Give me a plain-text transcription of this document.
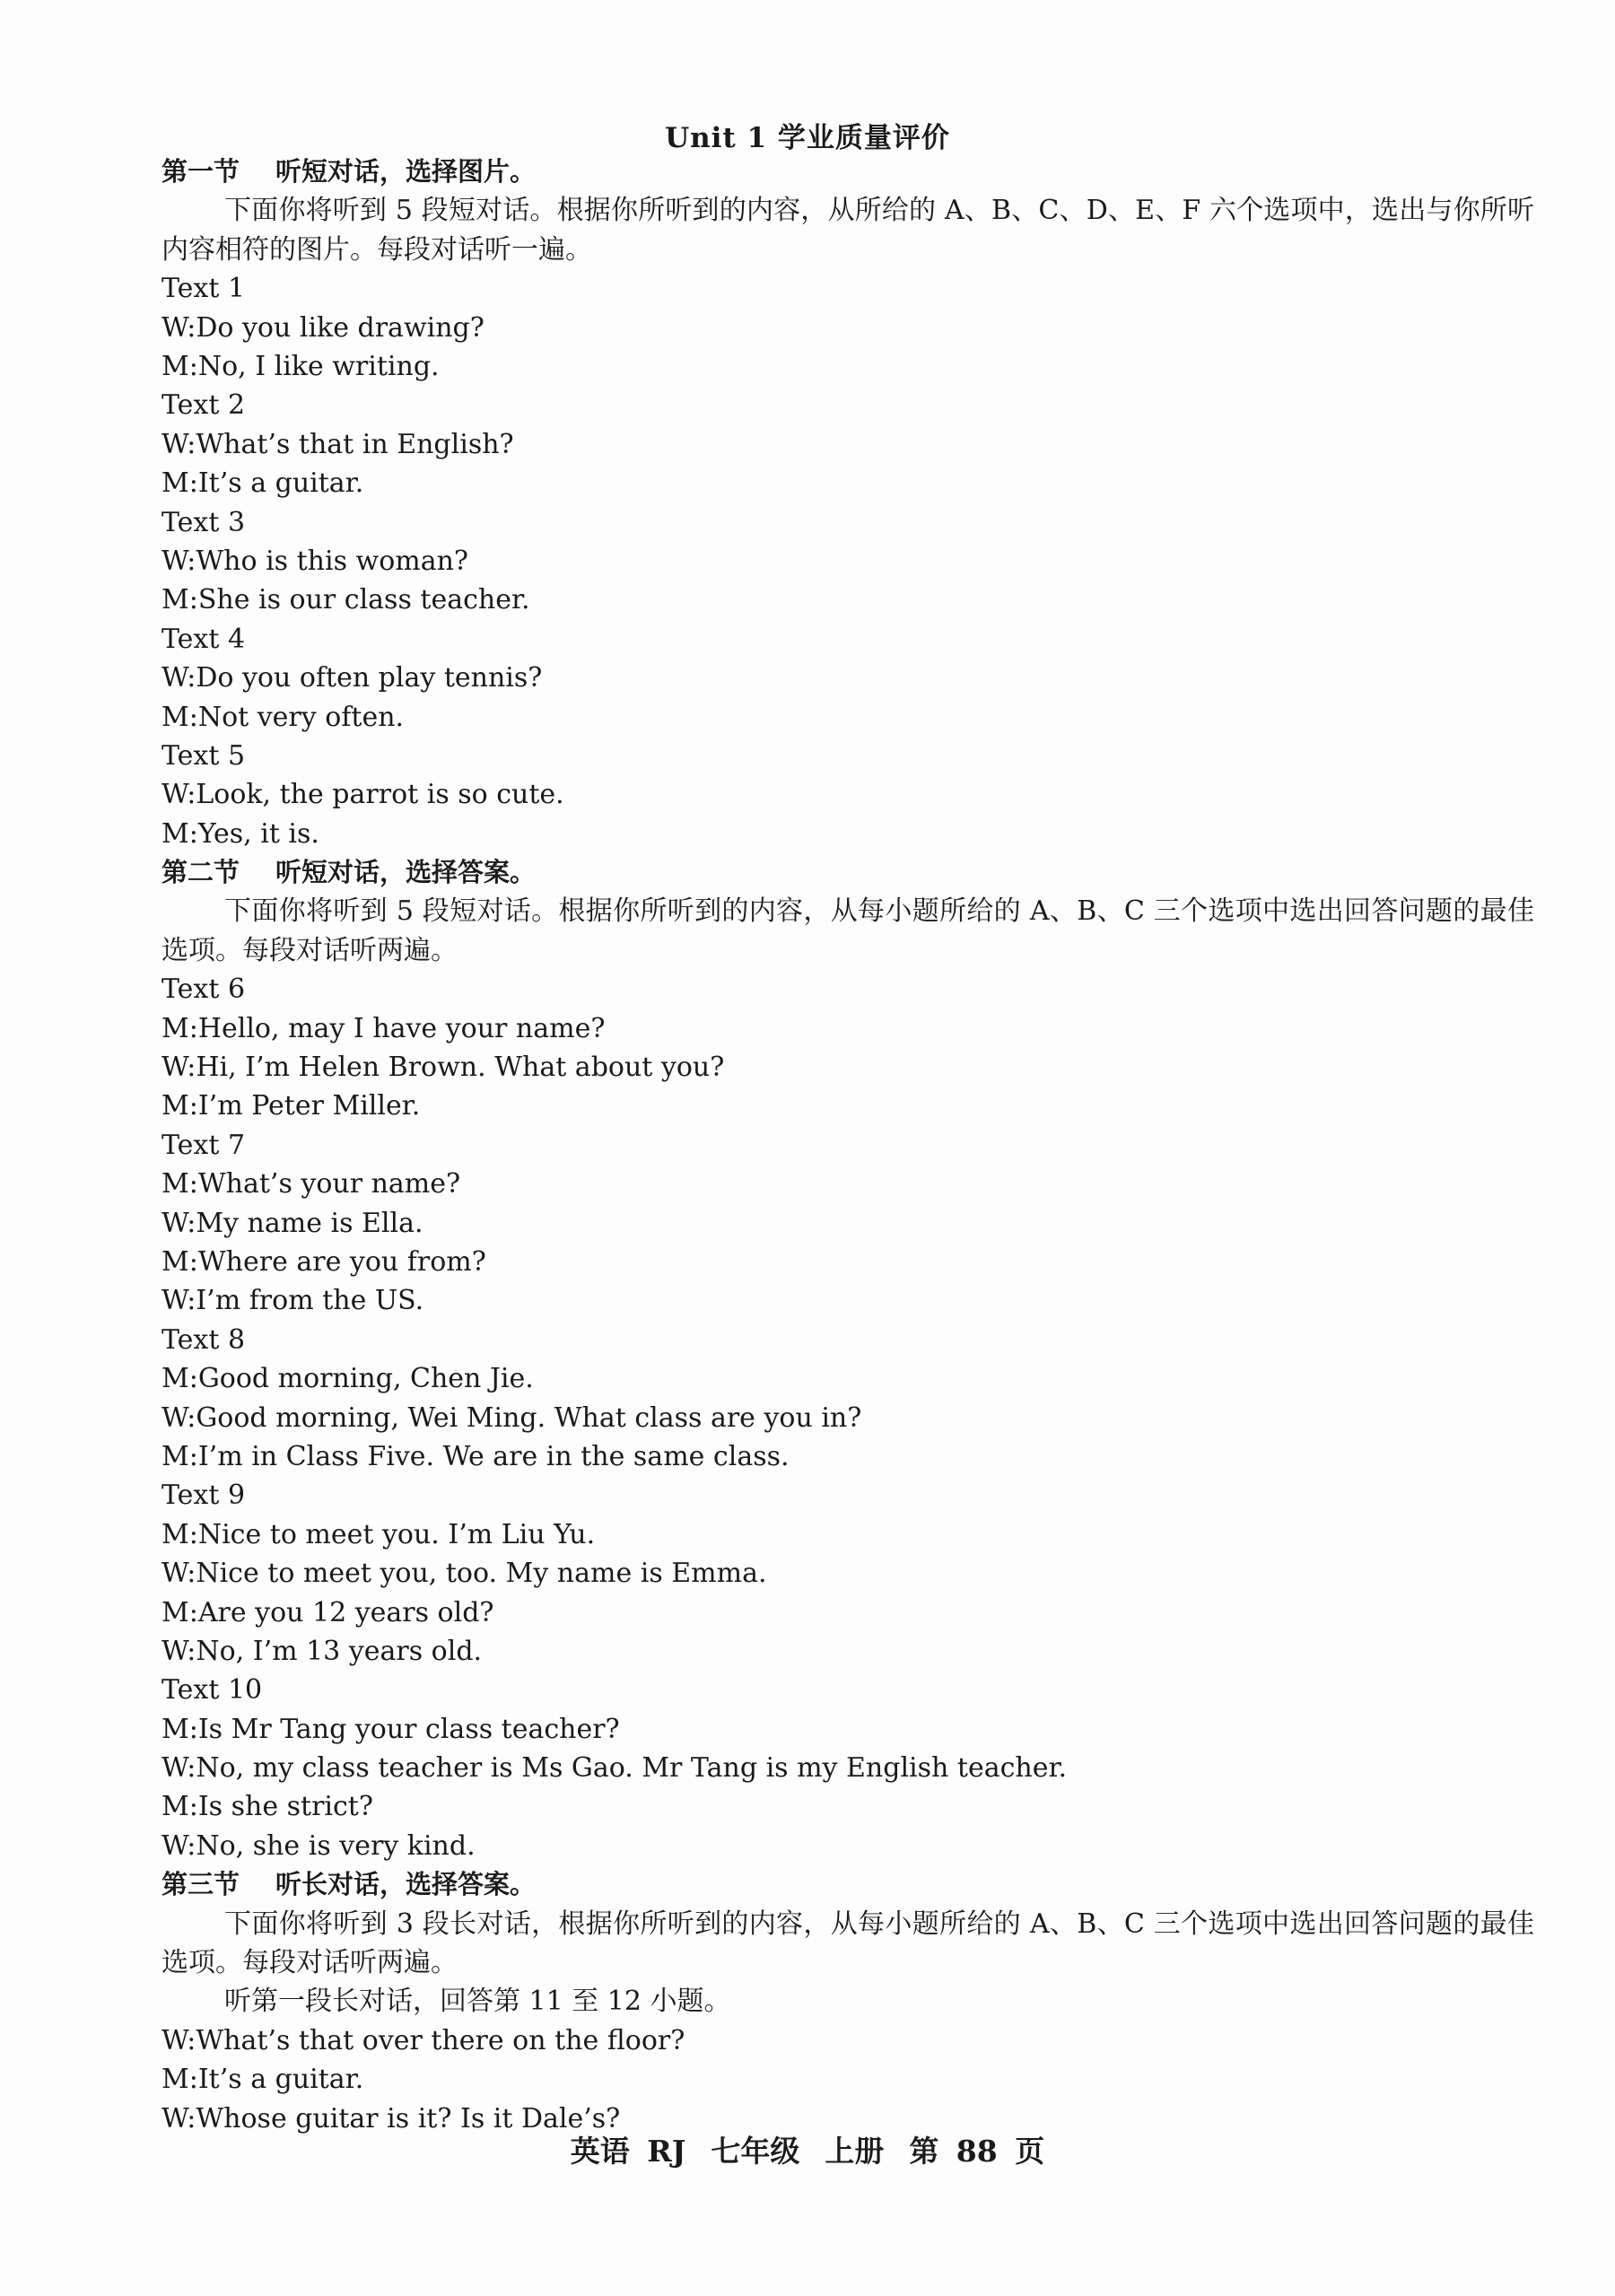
Unit 1 学业质量评价
第一节 听短对话，选择图片。
下面你将听到 5 段短对话。根据你所听到的内容，从所给的 A、B、C、D、E、F 六个选项中，选出与你所听内容相符的图片。每段对话听一遍。
Text 1
W:Do you like drawing?
M:No, I like writing.
Text 2
W:What’s that in English?
M:It’s a guitar.
Text 3
W:Who is this woman?
M:She is our class teacher.
Text 4
W:Do you often play tennis?
M:Not very often.
Text 5
W:Look, the parrot is so cute.
M:Yes, it is.
第二节 听短对话，选择答案。
下面你将听到 5 段短对话。根据你所听到的内容，从每小题所给的 A、B、C 三个选项中选出回答问题的最佳选项。每段对话听两遍。
Text 6
M:Hello, may I have your name?
W:Hi, I’m Helen Brown. What about you?
M:I’m Peter Miller.
Text 7
M:What’s your name?
W:My name is Ella.
M:Where are you from?
W:I’m from the US.
Text 8
M:Good morning, Chen Jie.
W:Good morning, Wei Ming. What class are you in?
M:I’m in Class Five. We are in the same class.
Text 9
M:Nice to meet you. I’m Liu Yu.
W:Nice to meet you, too. My name is Emma.
M:Are you 12 years old?
W:No, I’m 13 years old.
Text 10
M:Is Mr Tang your class teacher?
W:No, my class teacher is Ms Gao. Mr Tang is my English teacher.
M:Is she strict?
W:No, she is very kind.
第三节 听长对话，选择答案。
下面你将听到 3 段长对话，根据你所听到的内容，从每小题所给的 A、B、C 三个选项中选出回答问题的最佳选项。每段对话听两遍。
听第一段长对话，回答第 11 至 12 小题。
W:What’s that over there on the floor?
M:It’s a guitar.
W:Whose guitar is it? Is it Dale’s?
英语 RJ 七年级 上册 第 88 页
